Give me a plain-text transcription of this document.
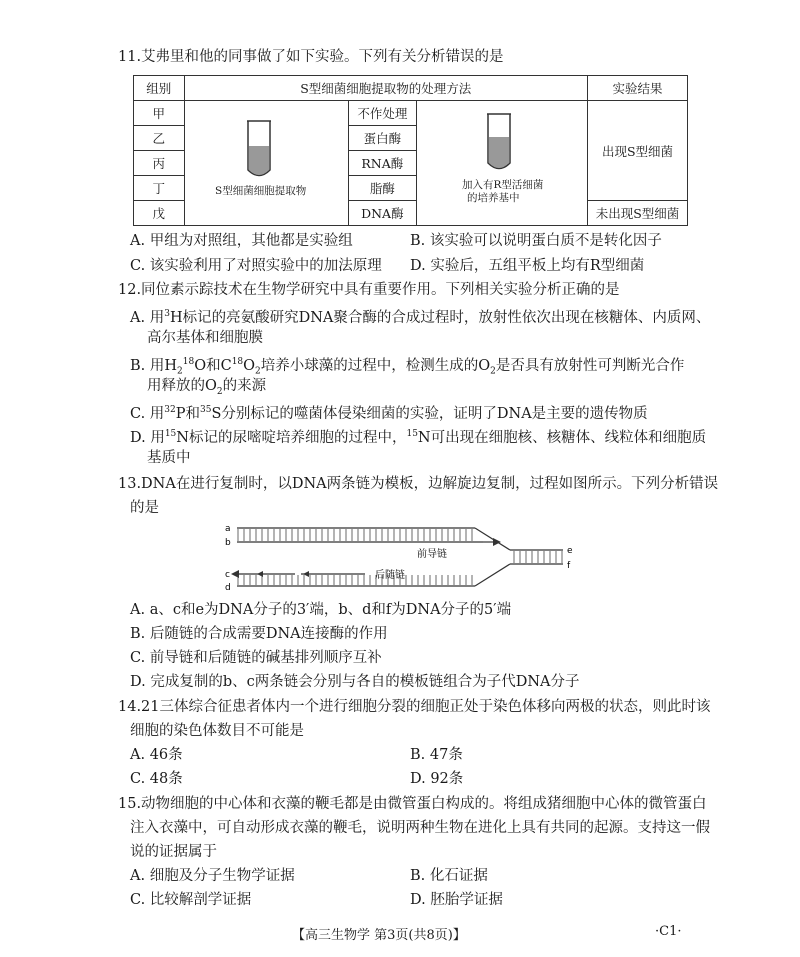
11.艾弗里和他的同事做了如下实验。下列有关分析错误的是
组别	S型细菌细胞提取物的处理方法			实验结果
甲		不作处理		出现S型细菌
乙		蛋白酶		
丙		RNA酶		
丁		脂酶		
戊		DNA酶		未出现S型细菌
S型细菌细胞提取物	加入有R型活细菌
的培养基中
A. 甲组为对照组，其他都是实验组	B. 该实验可以说明蛋白质不是转化因子
C. 该实验利用了对照实验中的加法原理 D. 实验后，五组平板上均有R型细菌
12.同位素示踪技术在生物学研究中具有重要作用。下列相关实验分析正确的是
A. 用$^3$H标记的亮氨酸研究DNA聚合酶的合成过程时，放射性依次出现在核糖体、内质网、
高尔基体和细胞膜
B. 用$H_2^{18}O$和$C^{18}O_2$培养小球藻的过程中，检测生成的$O_2$是否具有放射性可判断光合作
用释放的$O_2$的来源
C. 用$^{32}$P和$^{35}$S分别标记的噬菌体侵染细菌的实验，证明了DNA是主要的遗传物质
D. 用$^{15}$N标记的尿嘧啶培养细胞的过程中，$^{15}$N可出现在细胞核、核糖体、线粒体和细胞质
基质中
13.DNA在进行复制时，以DNA两条链为模板，边解旋边复制，过程如图所示。下列分析错误
的是
a
b
c
d
e
f
前导链
后随链
A. a、c和e为DNA分子的3′端，b、d和f为DNA分子的5′端
B. 后随链的合成需要DNA连接酶的作用
C. 前导链和后随链的碱基排列顺序互补
D. 完成复制的b、c两条链会分别与各自的模板链组合为子代DNA分子
14.21三体综合征患者体内一个进行细胞分裂的细胞正处于染色体移向两极的状态，则此时该
细胞的染色体数目不可能是
A. 46条	B. 47条
C. 48条	D. 92条
15.动物细胞的中心体和衣藻的鞭毛都是由微管蛋白构成的。将组成猪细胞中心体的微管蛋白
注入衣藻中，可自动形成衣藻的鞭毛，说明两种生物在进化上具有共同的起源。支持这一假
说的证据属于
A. 细胞及分子生物学证据	B. 化石证据
C. 比较解剖学证据	D. 胚胎学证据
【高三生物学 第3页(共8页)】	·C1·
